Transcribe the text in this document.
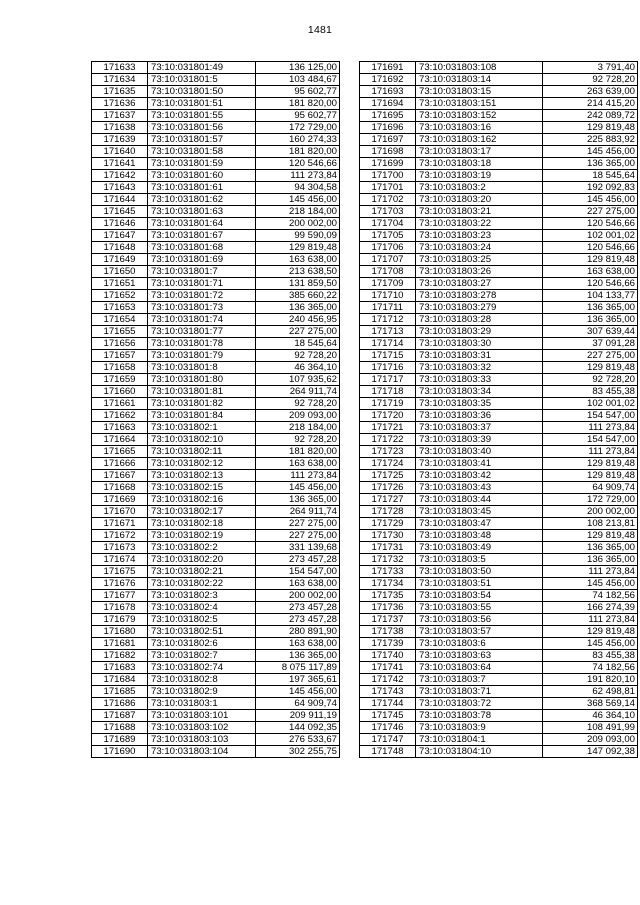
1481
171633	73:10:031801:49	136 125,00
171634	73:10:031801:5	103 484,67
171635	73:10:031801:50	95 602,77
171636	73:10:031801:51	181 820,00
171637	73:10:031801:55	95 602,77
171638	73:10:031801:56	172 729,00
171639	73:10:031801:57	160 274,33
171640	73:10:031801:58	181 820,00
171641	73:10:031801:59	120 546,66
171642	73:10:031801:60	111 273,84
171643	73:10:031801:61	94 304,58
171644	73:10:031801:62	145 456,00
171645	73:10:031801:63	218 184,00
171646	73:10:031801:64	200 002,00
171647	73:10:031801:67	99 590,09
171648	73:10:031801:68	129 819,48
171649	73:10:031801:69	163 638,00
171650	73:10:031801:7	213 638,50
171651	73:10:031801:71	131 859,50
171652	73:10:031801:72	385 660,22
171653	73:10:031801:73	136 365,00
171654	73:10:031801:74	240 456,95
171655	73:10:031801:77	227 275,00
171656	73:10:031801:78	18 545,64
171657	73:10:031801:79	92 728,20
171658	73:10:031801:8	46 364,10
171659	73:10:031801:80	107 935,62
171660	73:10:031801:81	264 911,74
171661	73:10:031801:82	92 728,20
171662	73:10:031801:84	209 093,00
171663	73:10:031802:1	218 184,00
171664	73:10:031802:10	92 728,20
171665	73:10:031802:11	181 820,00
171666	73:10:031802:12	163 638,00
171667	73:10:031802:13	111 273,84
171668	73:10:031802:15	145 456,00
171669	73:10:031802:16	136 365,00
171670	73:10:031802:17	264 911,74
171671	73:10:031802:18	227 275,00
171672	73:10:031802:19	227 275,00
171673	73:10:031802:2	331 139,68
171674	73:10:031802:20	273 457,28
171675	73:10:031802:21	154 547,00
171676	73:10:031802:22	163 638,00
171677	73:10:031802:3	200 002,00
171678	73:10:031802:4	273 457,28
171679	73:10:031802:5	273 457,28
171680	73:10:031802:51	280 891,90
171681	73:10:031802:6	163 638,00
171682	73:10:031802:7	136 365,00
171683	73:10:031802:74	8 075 117,89
171684	73:10:031802:8	197 365,61
171685	73:10:031802:9	145 456,00
171686	73:10:031803:1	64 909,74
171687	73:10:031803:101	209 911,19
171688	73:10:031803:102	144 092,35
171689	73:10:031803:103	276 533,67
171690	73:10:031803:104	302 255,75
171691	73:10:031803:108	3 791,40
171692	73:10:031803:14	92 728,20
171693	73:10:031803:15	263 639,00
171694	73:10:031803:151	214 415,20
171695	73:10:031803:152	242 089,72
171696	73:10:031803:16	129 819,48
171697	73:10:031803:162	225 883,92
171698	73:10:031803:17	145 456,00
171699	73:10:031803:18	136 365,00
171700	73:10:031803:19	18 545,64
171701	73:10:031803:2	192 092,83
171702	73:10:031803:20	145 456,00
171703	73:10:031803:21	227 275,00
171704	73:10:031803:22	120 546,66
171705	73:10:031803:23	102 001,02
171706	73:10:031803:24	120 546,66
171707	73:10:031803:25	129 819,48
171708	73:10:031803:26	163 638,00
171709	73:10:031803:27	120 546,66
171710	73:10:031803:278	104 133,77
171711	73:10:031803:279	136 365,00
171712	73:10:031803:28	136 365,00
171713	73:10:031803:29	307 639,44
171714	73:10:031803:30	37 091,28
171715	73:10:031803:31	227 275,00
171716	73:10:031803:32	129 819,48
171717	73:10:031803:33	92 728,20
171718	73:10:031803:34	83 455,38
171719	73:10:031803:35	102 001,02
171720	73:10:031803:36	154 547,00
171721	73:10:031803:37	111 273,84
171722	73:10:031803:39	154 547,00
171723	73:10:031803:40	111 273,84
171724	73:10:031803:41	129 819,48
171725	73:10:031803:42	129 819,48
171726	73:10:031803:43	64 909,74
171727	73:10:031803:44	172 729,00
171728	73:10:031803:45	200 002,00
171729	73:10:031803:47	108 213,81
171730	73:10:031803:48	129 819,48
171731	73:10:031803:49	136 365,00
171732	73:10:031803:5	136 365,00
171733	73:10:031803:50	111 273,84
171734	73:10:031803:51	145 456,00
171735	73:10:031803:54	74 182,56
171736	73:10:031803:55	166 274,39
171737	73:10:031803:56	111 273,84
171738	73:10:031803:57	129 819,48
171739	73:10:031803:6	145 456,00
171740	73:10:031803:63	83 455,38
171741	73:10:031803:64	74 182,56
171742	73:10:031803:7	191 820,10
171743	73:10:031803:71	62 498,81
171744	73:10:031803:72	368 569,14
171745	73:10:031803:78	46 364,10
171746	73:10:031803:9	108 491,99
171747	73:10:031804:1	209 093,00
171748	73:10:031804:10	147 092,38
